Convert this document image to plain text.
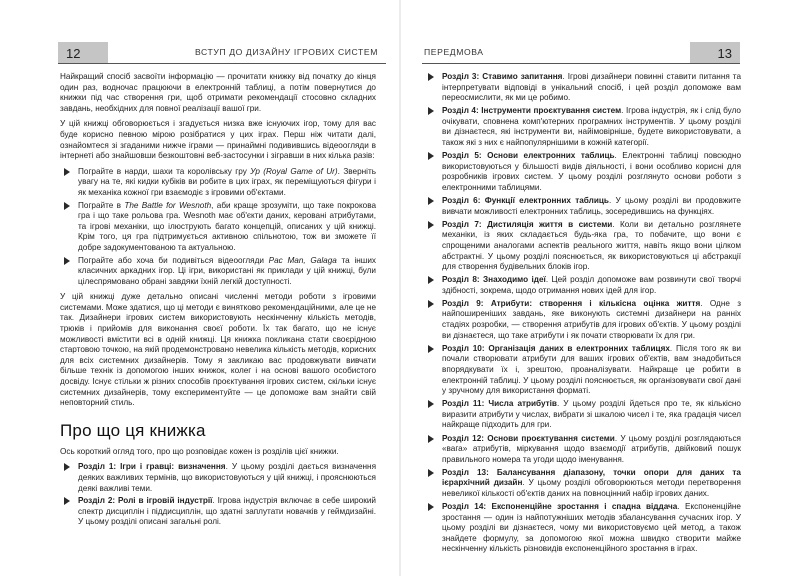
12	ВСТУП ДО ДИЗАЙНУ ІГРОВИХ СИСТЕМ

Найкращий спосіб засвоїти інформацію — прочитати книжку від початку до кінця один раз, водночас працюючи в електронній таблиці, а потім повернутися до книжки під час створення гри, щоб отримати рекомендації стосовно складних завдань, необхідних для повної реалізації вашої гри.

У цій книжці обговорюється і згадується низка вже існуючих ігор, тому для вас буде корисно певною мірою розібратися у цих іграх. Перш ніж читати далі, ознайомтеся зі згаданими нижче іграми — принаймні подивившись відеоогляди в інтернеті або знайшовши безкоштовні веб-застосунки і зігравши в них кілька разів:

Пограйте в нарди, шахи та королівську гру Ур (Royal Game of Ur). Зверніть увагу на те, які кидки кубіків ви робите в цих іграх, як переміщуються фігури і як механіка кожної гри взаємодіє з ігровими об'єктами.
Пограйте в The Battle for Wesnoth, аби краще зрозуміти, що таке покрокова гра і що таке рольова гра. Wesnoth має об'єкти даних, керовані атрибутами, та ігрові механіки, що ілюструють багато концепцій, описаних у цій книжці. Крім того, ця гра підтримується активною спільнотою, тож ви зможете її добре задокументованою та актуальною.
Пограйте або хоча би подивіться відеоогляди Pac Man, Galaga та інших класичних аркадних ігор. Ці ігри, використані як приклади у цій книжці, були цілеспрямовано обрані завдяки їхній легкій доступності.

У цій книжці дуже детально описані численні методи роботи з ігровими системами. Може здатися, що ці методи є винятково рекомендаційними, але це не так. Дизайнери ігрових систем використовують нескінченну кількість методів, трюків і прийомів для виконання своєї роботи. Їх так багато, що не існує можливості вмістити всі в одній книжці. Ця книжка покликана стати своєрідною стартовою точкою, на якій продемонстровано невелика кількість методів, корисних для всіх системних дизайнерів. Тому я закликаю вас продовжувати вивчати більше технік із допомогою інших книжок, колег і на основі вашого особистого досвіду. Існує стільки ж різних способів проєктування ігрових систем, скільки існує системних дизайнерів, тому експериментуйте — це допоможе вам знайти свій неповторний стиль.

Про що ця книжка

Ось короткий огляд того, про що розповідає кожен із розділів цієї книжки.

Розділ 1: Ігри і гравці: визначення. У цьому розділі дається визначення деяких важливих термінів, що використовуються у цій книжці, і прояснюються деякі важливі теми.
Розділ 2: Ролі в ігровій індустрії. Ігрова індустрія включає в себе широкий спектр дисциплін і піддисциплін, що здатні заплутати новачків у геймдизайні. У цьому розділі описані загальні ролі.
ПЕРЕДМОВА	13
Розділ 3: Ставимо запитання. Ігрові дизайнери повинні ставити питання та інтерпретувати відповіді в унікальний спосіб, і цей розділ допоможе вам переосмислити, як ми це робимо.
Розділ 4: Інструменти проєктування систем. Ігрова індустрія, як і слід було очікувати, сповнена комп'ютерних програмних інструментів. У цьому розділі ви дізнаєтеся, які інструменти ви, найімовірніше, будете використовувати, а також які з них є найпопулярнішими в кожній категорії.
Розділ 5: Основи електронних таблиць. Електронні таблиці повсюдно використовуються у більшості видів діяльності, і вони особливо корисні для розробників ігрових систем. У цьому розділі розглянуто основи роботи з електронними таблицями.
Розділ 6: Функції електронних таблиць. У цьому розділі ви продовжите вивчати можливості електронних таблиць, зосередившись на функціях.
Розділ 7: Дистиляція життя в системи. Коли ви детально розглянете механіки, із яких складається будь-яка гра, то побачите, що вони є спрощеними аналогами аспектів реального життя, навіть якщо вони цілком абстрактні. У цьому розділі пояснюється, як використовуються ці абстракції для створення будівельних блоків ігор.
Розділ 8: Знаходимо ідеї. Цей розділ допоможе вам розвинути свої творчі здібності, зокрема, щодо отримання нових ідей для ігор.
Розділ 9: Атрибути: створення і кількісна оцінка життя. Одне з найпоширеніших завдань, яке виконують системні дизайнери на ранніх стадіях розробки, — створення атрибутів для ігрових об'єктів. У цьому розділі ви дізнаєтеся, що таке атрибути і як почати створювати їх для гри.
Розділ 10: Організація даних в електронних таблицях. Після того як ви почали створювати атрибути для ваших ігрових об'єктів, вам знадобиться впорядкувати їх і, зрештою, проаналізувати. Найкраще це робити в електронній таблиці. У цьому розділі пояснюється, як організовувати свої дані у зручному для використання форматі.
Розділ 11: Числа атрибутів. У цьому розділі йдеться про те, як кількісно виразити атрибути у числах, вибрати зі шкалою чисел і те, яка градація чисел найкраще підходить для гри.
Розділ 12: Основи проєктування системи. У цьому розділі розглядаються «вага» атрибутів, міркування щодо взаємодії атрибутів, двійковий пошук правильного номера та угоди щодо іменування.
Розділ 13: Балансування діапазону, точки опори для даних та ієрархічний дизайн. У цьому розділі обговорюються методи перетворення невеликої кількості об'єктів даних на повноцінний набір ігрових даних.
Розділ 14: Експоненційне зростання і спадна віддача. Експоненційне зростання — один із найпотужніших методів збалансування сучасних ігор. У цьому розділі ви дізнаєтеся, чому ми використовуємо цей метод, а також знайдете формулу, за допомогою якої можна швидко створити майже нескінченну кількість різновидів експоненційного зростання в іграх.
